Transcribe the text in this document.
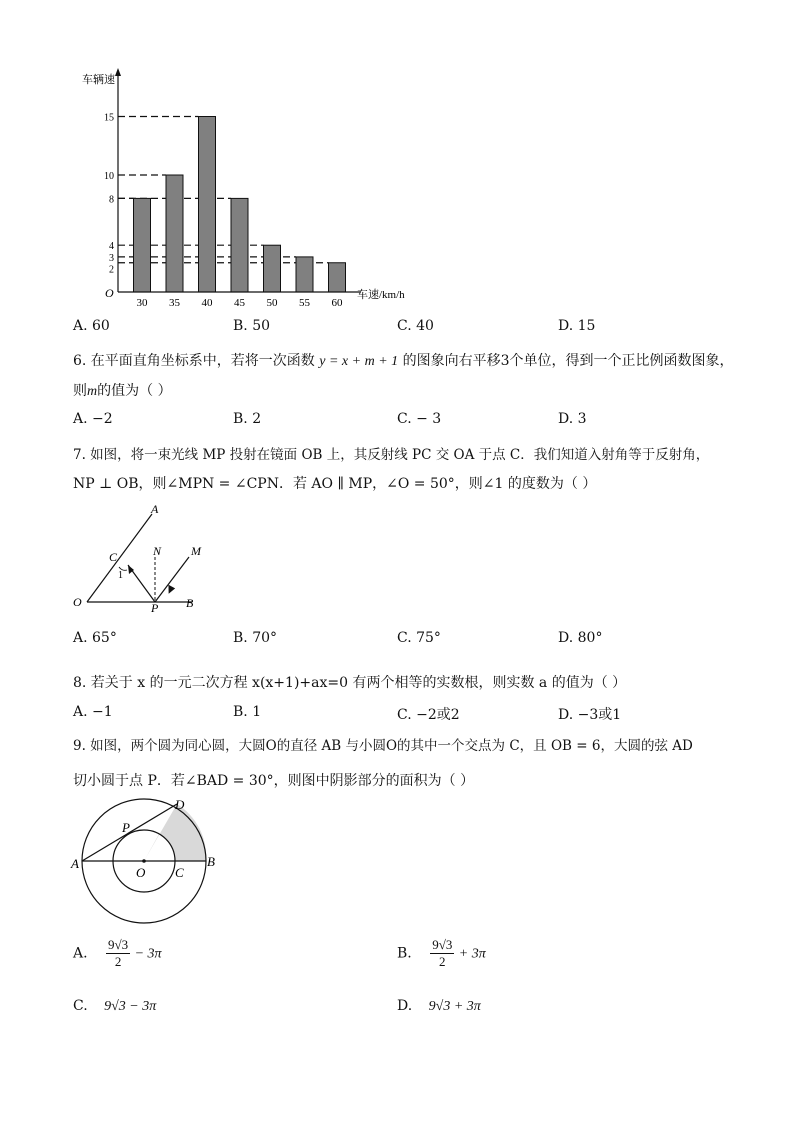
车辆速
车速/km/h
O
30 35 40 45 50 55 60
2
3
4
8
10
15
A. 60	B. 50	C. 40	D. 15
6. 在平面直角坐标系中，若将一次函数 y = x + m + 1 的图象向右平移3个单位，得到一个正比例函数图象，
则m的值为（ ）
A. −2	B. 2	C. − 3	D. 3
7. 如图，将一束光线 MP 投射在镜面 OB 上，其反射线 PC 交 OA 于点 C．我们知道入射角等于反射角，
NP ⊥ OB，则∠MPN = ∠CPN．若 AO ∥ MP，∠O = 50°，则∠1 的度数为（ ）
A
C	N M
O	P B
1
A. 65°	B. 70°	C. 75°	D. 80°
8. 若关于 x 的一元二次方程 x(x+1)+ax=0 有两个相等的实数根，则实数 a 的值为（ ）
A. −1	B. 1	C. −2或2	D. −3或1
9. 如图，两个圆为同心圆，大圆O的直径 AB 与小圆O的其中一个交点为 C，且 OB = 6，大圆的弦 AD
切小圆于点 P．若∠BAD = 30°，则图中阴影部分的面积为（ ）
D
P
A
O C
B
A. $\frac{9√3}{2} - 3\pi$	B. $\frac{9√3}{2} + 3\pi$
C. 9√3 − 3π	D. 9√3 + 3π
